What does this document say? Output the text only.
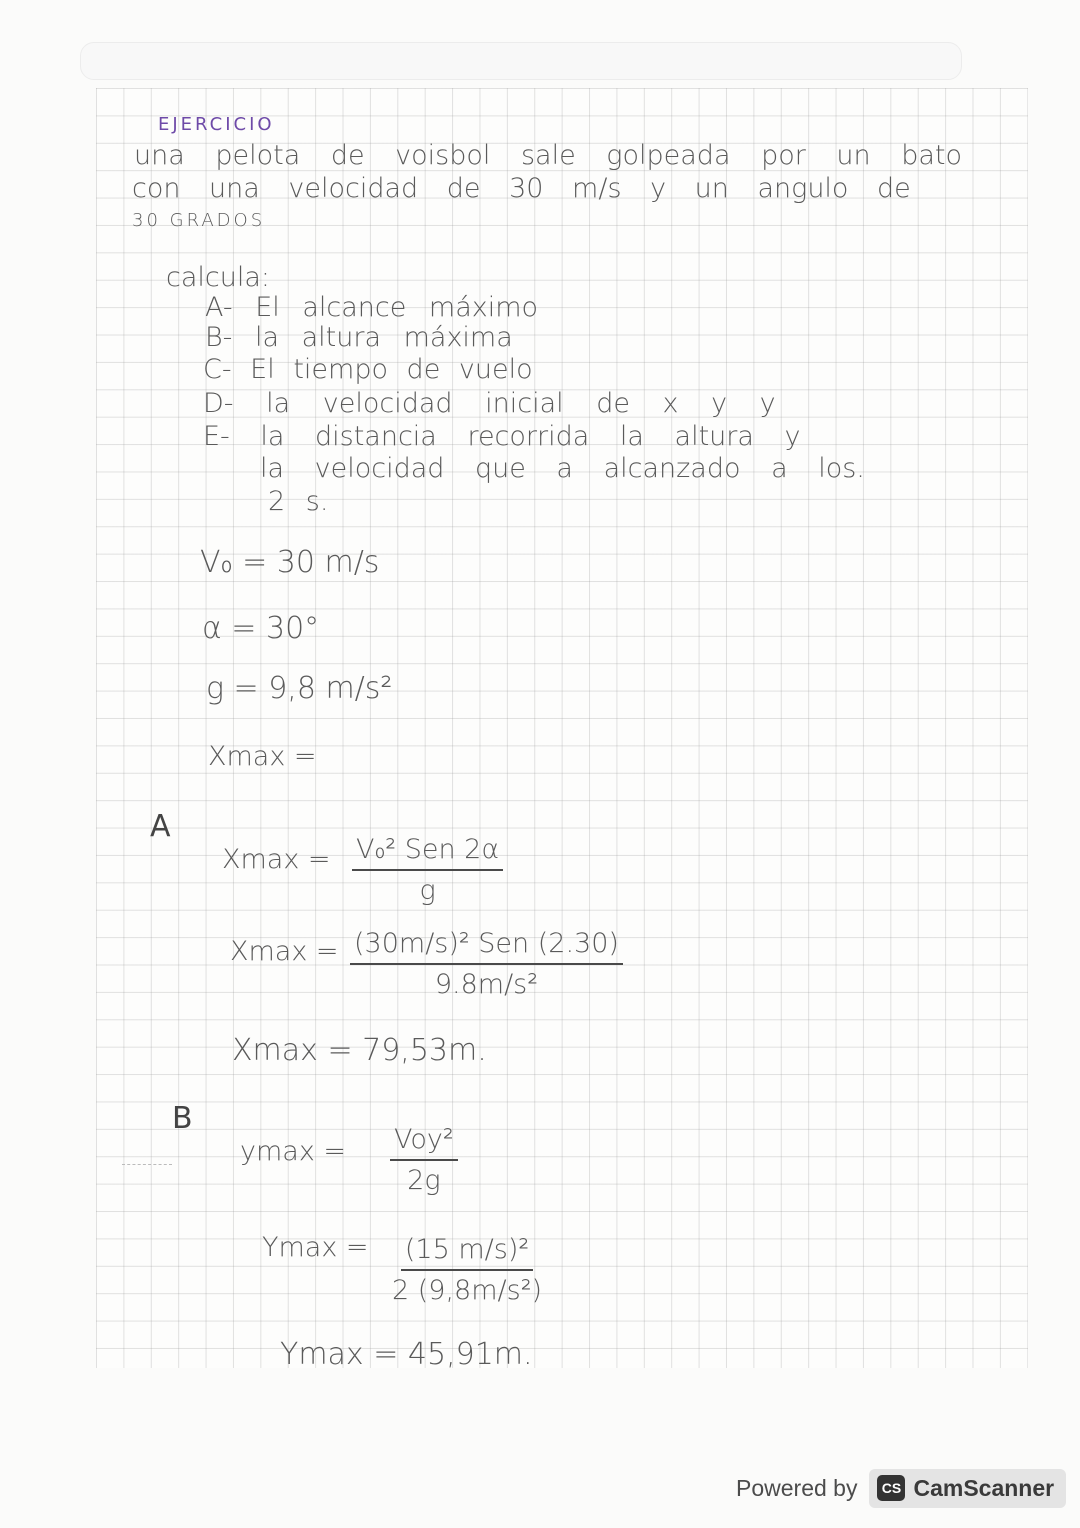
EJERCICIO
una pelota de voisbol sale golpeada por un bato
con una velocidad de 30 m/s y un angulo de
30 GRADOS
calcula:
A- El alcance máximo
B- la altura máxima
C- El tiempo de vuelo
D- la velocidad inicial de x y y
E- la distancia recorrida la altura y
la velocidad que a alcanzado a los.
2 s.
V₀ = 30 m/s
α = 30°
g = 9,8 m/s²
Xmax =
A
Xmax = V₀² Sen 2α
g
Xmax = (30m/s)² Sen (2.30)
9.8m/s²
Xmax = 79,53m.
B
ymax = Voy²
2g
$Ymax = \frac{\text{(15 m/s)²}}{\text{2 (9,8m/s²)}}$
Ymax = 45,91m.
Powered by	CS CamScanner
